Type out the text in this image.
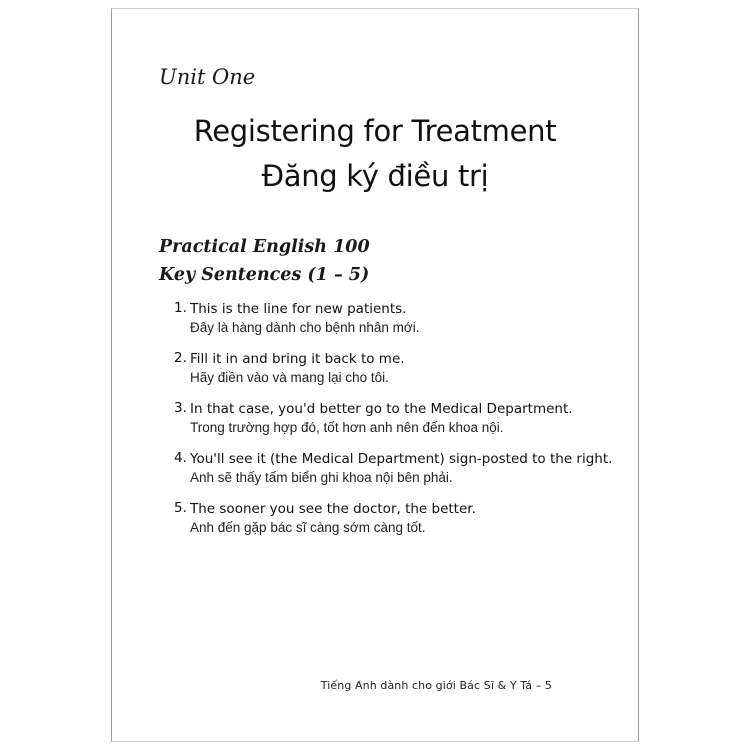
Unit One
Registering for Treatment
Đăng ký điều trị
Practical English 100
Key Sentences (1 – 5)
1. This is the line for new patients.
Đây là hàng dành cho bệnh nhân mới.
2. Fill it in and bring it back to me.
Hãy điền vào và mang lại cho tôi.
3. In that case, you'd better go to the Medical Department.
Trong trường hợp đó, tốt hơn anh nên đến khoa nội.
4. You'll see it (the Medical Department) sign-posted to the right.
Anh sẽ thấy tấm biển ghi khoa nội bên phải.
5. The sooner you see the doctor, the better.
Anh đến gặp bác sĩ càng sớm càng tốt.
Tiếng Anh dành cho giới Bác Sĩ & Y Tá – 5
